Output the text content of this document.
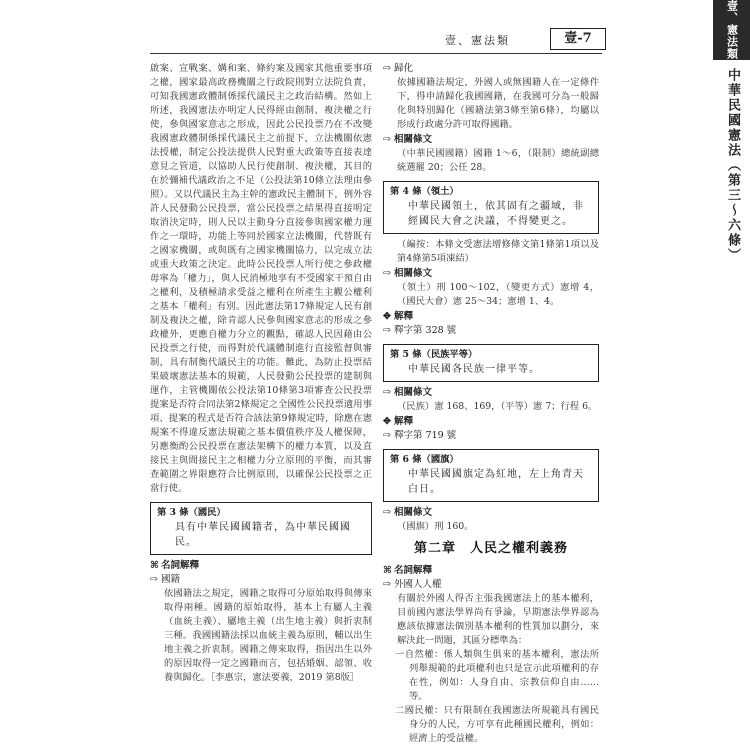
壹、憲法類	壹-7	壹、憲法類
中華民國憲法（第三～六條）

啟案、宣戰案、媾和案、條約案及國家其他重要事項之權，國家最高政務機關之行政院則對立法院負責，可知我國憲政體制係採代議民主之政治結構。然如上所述，我國憲法亦明定人民得經由創制、複決權之行使，參與國家意志之形成，因此公民投票乃在不改變我國憲政體制係採代議民主之前提下，立法機關依憲法授權，制定公投法提供人民對重大政策等直接表達意見之管道，以協助人民行使創制、複決權，其目的在於彌補代議政治之不足（公投法第10條立法理由參照）。又以代議民主為主幹的憲政民主體制下，例外容許人民發動公民投票，當公民投票之結果得直接明定取消決定時，則人民以主動身分直接參與國家權力運作之一環時，功能上等同於國家立法機關，代替既有之國家機關，或與既有之國家機關協力，以完成立法或重大政策之決定。此時公民投票人所行使之參政權毋寧為「權力」，與人民消極地享有不受國家干預自由之權利，及積極請求受益之權利在所產生主觀公權利之基本「權利」有別。因此憲法第17條規定人民有創制及複決之權，除肯認人民參與國家意志的形成之參政權外，更應自權力分立的觀點，確認人民因藉由公民投票之行使，而得對於代議體制進行直接監督與審制，具有制衡代議民主的功能。難此，為防止投票結果破壞憲法基本的規範，人民發動公民投票的建制與運作，主管機關依公投法第10條第3項審查公民投票提案是否符合同法第2條規定之全國性公民投票適用事項、提案的程式是否符合該法第9條規定時，除應在憲規案不得違反憲法規範之基本價值秩序及人權保障，另應衡酌公民投票在憲法架構下的權力本質，以及直接民主與間接民主之相權力分立原則的平衡，而其審查範圍之界限應符合比例原則，以確保公民投票之正當行使。

第 3 條（國民）
具有中華民國國籍者，為中華民國國民。
⌘ 名詞解釋
⇨ 國籍

依國籍法之規定，國籍之取得可分原始取得與傳來取得兩種。國籍的原始取得，基本上有屬人主義（血統主義）、屬地主義（出生地主義）與折衷制三種。我國國籍法採以血統主義為原則，輔以出生地主義之折衷制。國籍之傳來取得，指因出生以外的原因取得一定之國籍而言，包括婚姻、認領、收養與歸化。［李惠宗，憲法要義，2019 第8版］

⇨ 歸化

依據國籍法規定，外國人或無國籍人在一定條件下，得申請歸化我國國籍，在我國可分為一般歸化與特別歸化（國籍法第3條至第6條），均屬以形成行政處分許可取得國籍。

⇨ 相關條文

（中華民國國籍）國籍 1～6，（限制）總統副總統選罷 20；公任 28。

第 4 條（領土）
中華民國領土，依其固有之疆域，非經國民大會之決議，不得變更之。

（編按：本條文受憲法增修條文第1條第1項以及第4條第5項凍結）

⇨ 相關條文

（領土）刑 100～102，（變更方式）憲增 4，（國民大會）憲 25～34；憲增 1、4。

✥ 解釋
⇨ 釋字第 328 號
第 5 條（民族平等）
中華民國各民族一律平等。
⇨ 相關條文

（民族）憲 168、169，（平等）憲 7；行程 6。

✥ 解釋
⇨ 釋字第 719 號
第 6 條（國旗）
中華民國國旗定為紅地，左上角青天白日。
⇨ 相關條文

（國旗）刑 160。

第二章　人民之權利義務
⌘ 名詞解釋
⇨ 外國人人權

有關於外國人得否主張我國憲法上的基本權利，目前國內憲法學界尚有爭論，早期憲法學界認為應該依據憲法個別基本權利的性質加以劃分，來解決此一問題，其區分標準為：

一自然權：係人類與生俱來的基本權利，憲法所列舉規範的此項權利也只是宣示此項權利的存在性，例如：人身自由、宗教信仰自由……等。

二國民權：只有限制在我國憲法所規範具有國民身分的人民，方可享有此種國民權利，例如：經濟上的受益權。
